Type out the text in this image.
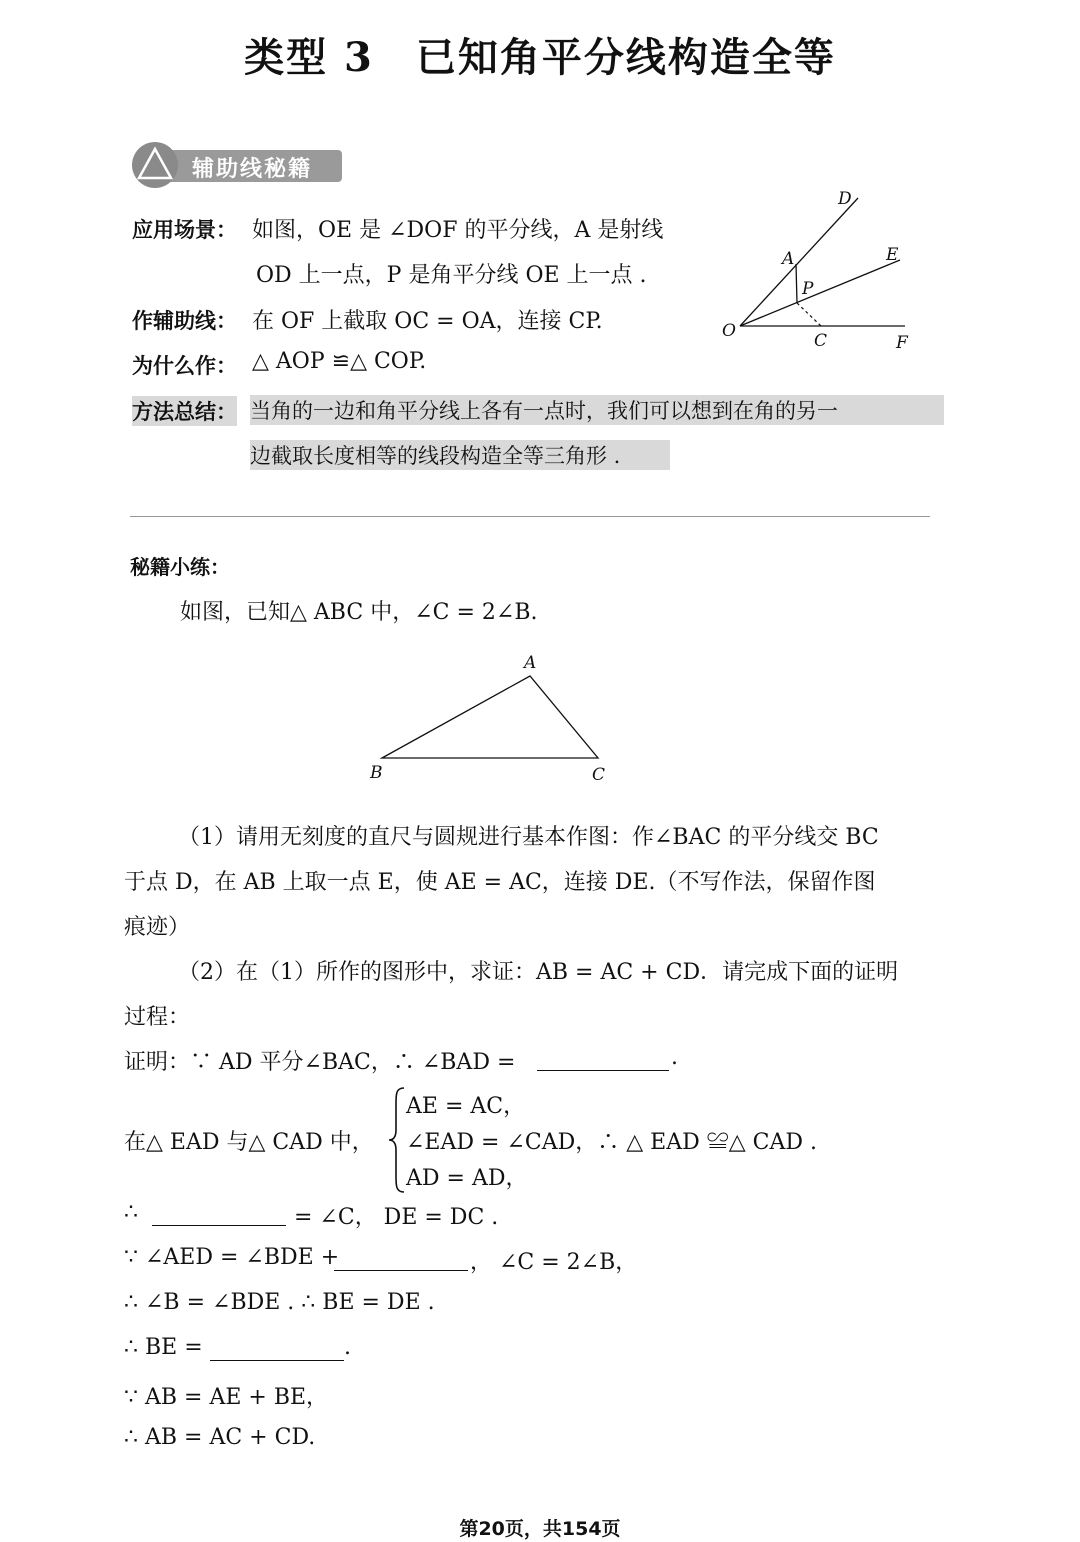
类型 3　已知角平分线构造全等
辅助线秘籍
应用场景： 如图，OE 是 ∠DOF 的平分线，A 是射线
OD 上一点，P 是角平分线 OE 上一点 .
作辅助线： 在 OF 上截取 OC = OA，连接 CP.
为什么作： △ AOP ≌△ COP.
方法总结： 当角的一边和角平分线上各有一点时，我们可以想到在角的另一
边截取长度相等的线段构造全等三角形 .
D
E
A
P
O	C	F
秘籍小练：
如图，已知△ ABC 中，∠C = 2∠B.
A
B	C
（1）请用无刻度的直尺与圆规进行基本作图：作∠BAC 的平分线交 BC
于点 D，在 AB 上取一点 E，使 AE = AC，连接 DE.（不写作法，保留作图
痕迹）
（2）在（1）所作的图形中，求证：AB = AC + CD．请完成下面的证明
过程：
证明：∵ AD 平分∠BAC，∴ ∠BAD =	.
在△ EAD 与△ CAD 中，
AE = AC，
∠EAD = ∠CAD，∴ △ EAD ≌△ CAD .
AD = AD，
∴	= ∠C， DE = DC .
∵ ∠AED = ∠BDE +	， ∠C = 2∠B，
∴ ∠B = ∠BDE . ∴ BE = DE .
∴ BE =	.
∵ AB = AE + BE，
∴ AB = AC + CD.
第20页，共154页
